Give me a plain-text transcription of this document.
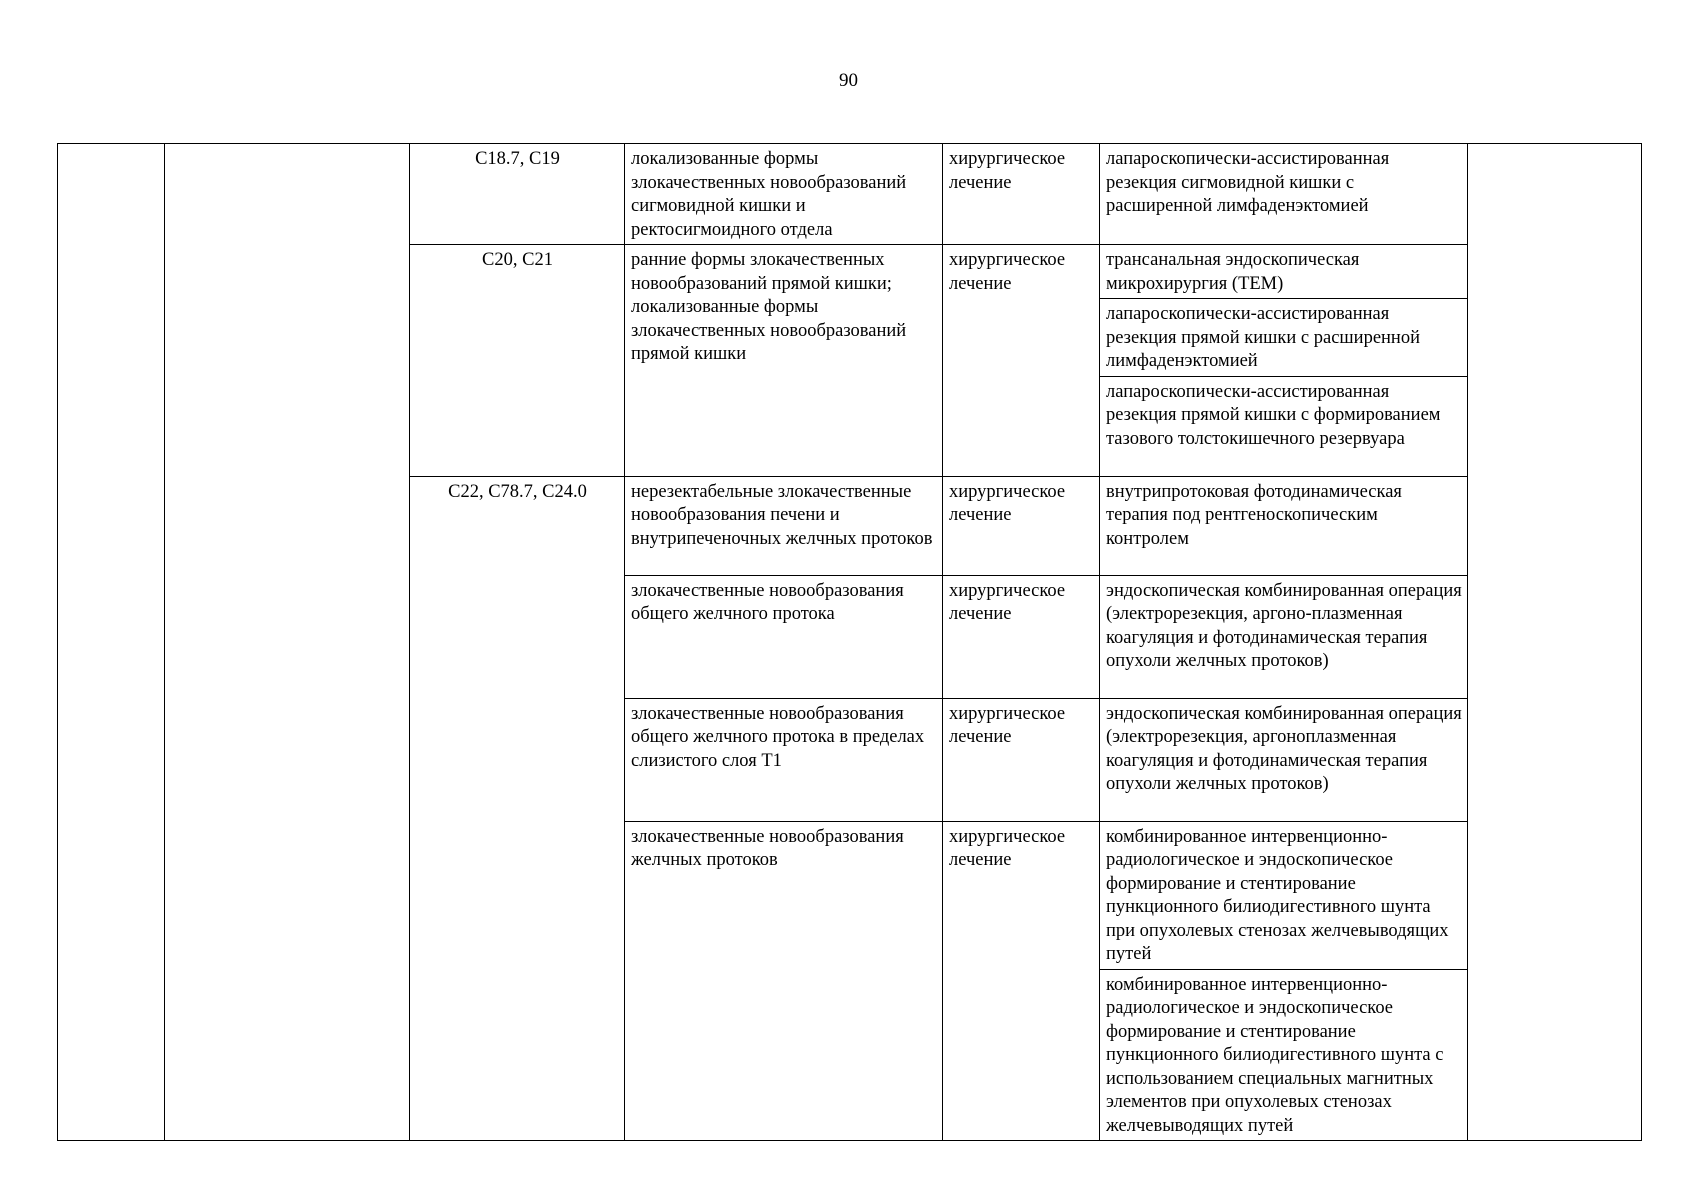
90
		C18.7, C19	локализованные формы злокачественных новообразований сигмовидной кишки и ректосигмоидного отдела	хирургическое лечение	лапароскопически-ассистированная резекция сигмовидной кишки с расширенной лимфаденэктомией	
		C20, C21	ранние формы злокачественных новообразований прямой кишки; локализованные формы злокачественных новообразований прямой кишки	хирургическое лечение	трансанальная эндоскопическая микрохирургия (TEM)	
					лапароскопически-ассистированная резекция прямой кишки с расширенной лимфаденэктомией	
					лапароскопически-ассистированная резекция прямой кишки с формированием тазового толстокишечного резервуара	
		C22, C78.7, C24.0	нерезектабельные злокачественные новообразования печени и внутрипеченочных желчных протоков	хирургическое лечение	внутрипротоковая фотодинамическая терапия под рентгеноскопическим контролем	
			злокачественные новообразования общего желчного протока	хирургическое лечение	эндоскопическая комбинированная операция (электрорезекция, аргоно-плазменная коагуляция и фотодинамическая терапия опухоли желчных протоков)	
			злокачественные новообразования общего желчного протока в пределах слизистого слоя T1	хирургическое лечение	эндоскопическая комбинированная операция (электрорезекция, аргоноплазменная коагуляция и фотодинамическая терапия опухоли желчных протоков)	
			злокачественные новообразования желчных протоков	хирургическое лечение	комбинированное интервенционно-радиологическое и эндоскопическое формирование и стентирование пункционного билиодигестивного шунта при опухолевых стенозах желчевыводящих путей	
					комбинированное интервенционно-радиологическое и эндоскопическое формирование и стентирование пункционного билиодигестивного шунта с использованием специальных магнитных элементов при опухолевых стенозах желчевыводящих путей	
